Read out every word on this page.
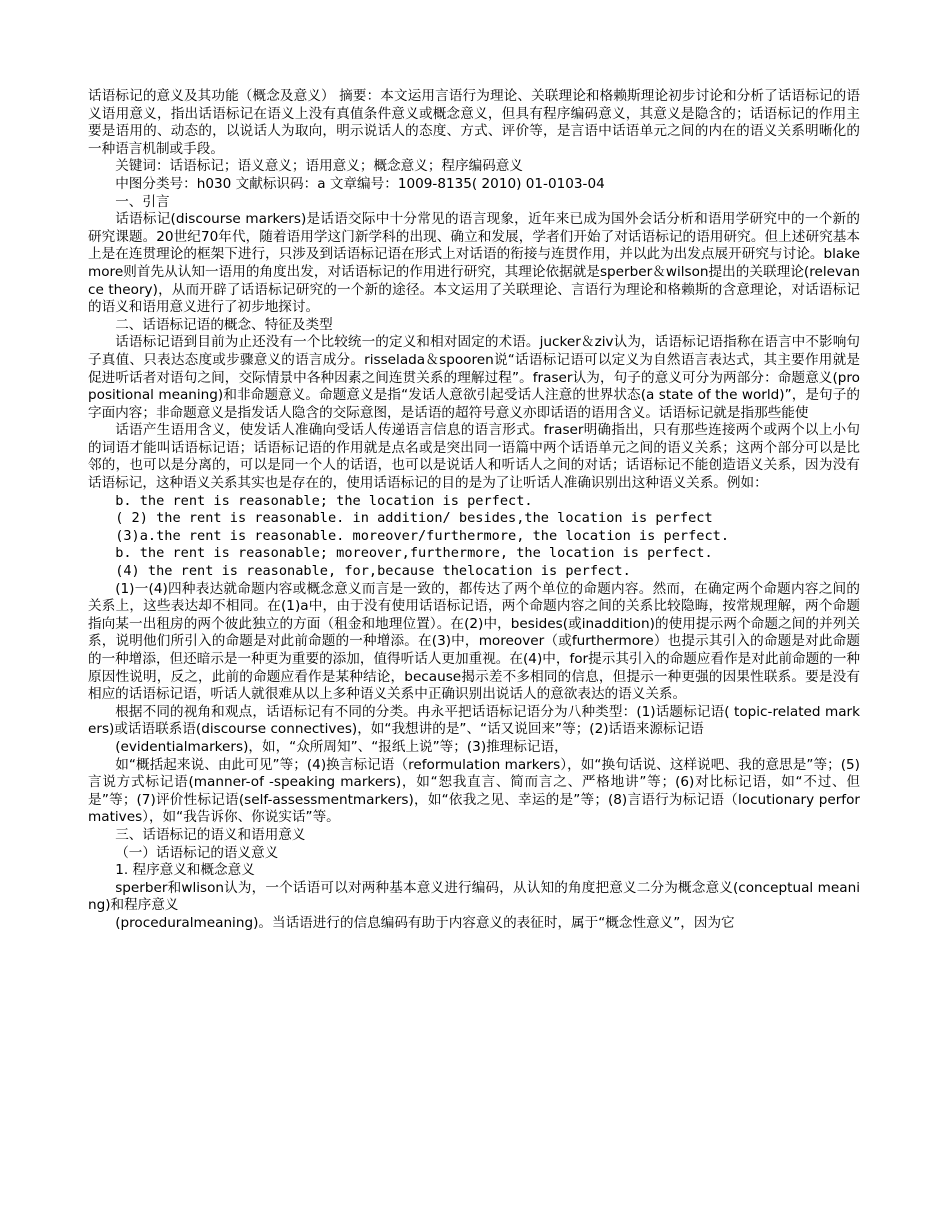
话语标记的意义及其功能（概念及意义） 摘要：本文运用言语行为理论、关联理论和格赖斯理论初步讨论和分析了话语标记的语义语用意义，指出话语标记在语义上没有真值条件意义或概念意义，但具有程序编码意义，其意义是隐含的；话语标记的作用主要是语用的、动态的，以说话人为取向，明示说话人的态度、方式、评价等，是言语中话语单元之间的内在的语义关系明晰化的一种语言机制或手段。

关键词：话语标记；语义意义；语用意义；概念意义；程序编码意义

中图分类号：h030 文献标识码：a 文章编号：1009-8135( 2010) 01-0103-04

一、引言

话语标记(discourse markers)是话语交际中十分常见的语言现象，近年来已成为国外会话分析和语用学研究中的一个新的研究课题。20世纪70年代，随着语用学这门新学科的出现、确立和发展，学者们开始了对话语标记的语用研究。但上述研究基本上是在连贯理论的框架下进行，只涉及到话语标记语在形式上对话语的衔接与连贯作用，并以此为出发点展开研究与讨论。blakemore则首先从认知一语用的角度出发，对话语标记的作用进行研究，其理论依据就是sperber＆wilson提出的关联理论(relevance theory)，从而开辟了话语标记研究的一个新的途径。本文运用了关联理论、言语行为理论和格赖斯的含意理论，对话语标记的语义和语用意义进行了初步地探讨。

二、话语标记语的概念、特征及类型

话语标记语到目前为止还没有一个比较统一的定义和相对固定的术语。jucker＆ziv认为，话语标记语指称在语言中不影响句子真值、只表达态度或步骤意义的语言成分。risselada＆spooren说“话语标记语可以定义为自然语言表达式，其主要作用就是促进听话者对语句之间，交际情景中各种因素之间连贯关系的理解过程”。fraser认为，句子的意义可分为两部分：命题意义(propositional meaning)和非命题意义。命题意义是指“发话人意欲引起受话人注意的世界状态(a state of the world)”，是句子的字面内容；非命题意义是指发话人隐含的交际意图，是话语的超符号意义亦即话语的语用含义。话语标记就是指那些能使

话语产生语用含义，使发话人准确向受话人传递语言信息的语言形式。fraser明确指出，只有那些连接两个或两个以上小句的词语才能叫话语标记语；话语标记语的作用就是点名或是突出同一语篇中两个话语单元之间的语义关系；这两个部分可以是比邻的，也可以是分离的，可以是同一个人的话语，也可以是说话人和听话人之间的对话；话语标记不能创造语义关系，因为没有话语标记，这种语义关系其实也是存在的，使用话语标记的目的是为了让听话人准确识别出这种语义关系。例如：

b. the rent is reasonable; the location is perfect.

( 2) the rent is reasonable. in addition/ besides,the location is perfect

(3)a.the rent is reasonable. moreover/furthermore, the location is perfect.

b. the rent is reasonable; moreover,furthermore, the location is perfect.

(4) the rent is reasonable, for,because thelocation is perfect.

(1)一(4)四种表达就命题内容或概念意义而言是一致的，都传达了两个单位的命题内容。然而，在确定两个命题内容之间的关系上，这些表达却不相同。在(1)a中，由于没有使用话语标记语，两个命题内容之间的关系比较隐晦，按常规理解，两个命题指向某一出租房的两个彼此独立的方面（租金和地理位置）。在(2)中，besides(或inaddition)的使用提示两个命题之间的并列关系，说明他们所引入的命题是对此前命题的一种增添。在(3)中，moreover（或furthermore）也提示其引入的命题是对此命题的一种增添，但还暗示是一种更为重要的添加，值得听话人更加重视。在(4)中，for提示其引入的命题应看作是对此前命题的一种原因性说明，反之，此前的命题应看作是某种结论，because揭示差不多相同的信息，但提示一种更强的因果性联系。要是没有相应的话语标记语，听话人就很难从以上多种语义关系中正确识别出说话人的意欲表达的语义关系。

根据不同的视角和观点，话语标记有不同的分类。冉永平把话语标记语分为八种类型：(1)话题标记语( topic-related markers)或话语联系语(discourse connectives)，如“我想讲的是”、“话又说回来”等；(2)话语来源标记语

(evidentialmarkers)，如，“众所周知”、“报纸上说”等；(3)推理标记语，

如“概括起来说、由此可见”等；(4)换言标记语（reformulation markers），如“换句话说、这样说吧、我的意思是”等；(5)言说方式标记语(manner-of -speaking markers)，如“恕我直言、简而言之、严格地讲”等；(6)对比标记语，如“不过、但是”等；(7)评价性标记语(self-assessmentmarkers)，如“依我之见、幸运的是”等；(8)言语行为标记语（locutionary performatives），如“我告诉你、你说实话”等。

三、话语标记的语义和语用意义

（一）话语标记的语义意义

1. 程序意义和概念意义

sperber和wlison认为，一个话语可以对两种基本意义进行编码，从认知的角度把意义二分为概念意义(conceptual meaning)和程序意义

(proceduralmeaning)。当话语进行的信息编码有助于内容意义的表征时，属于“概念性意义”，因为它
